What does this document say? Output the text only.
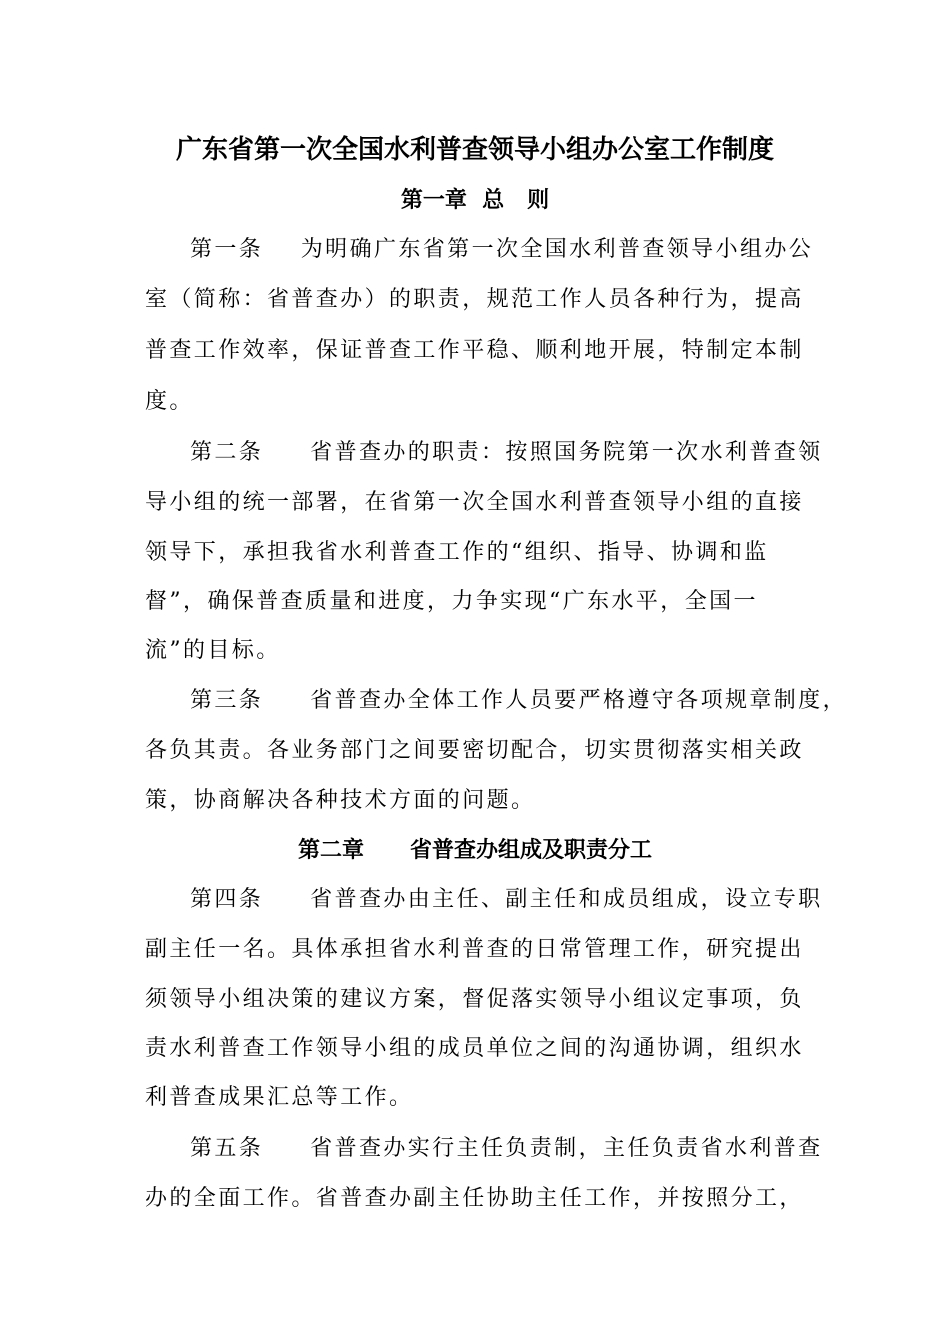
广东省第一次全国水利普查领导小组办公室工作制度
第一章  总   则
第一条    为明确广东省第一次全国水利普查领导小组办公
室（简称：省普查办）的职责，规范工作人员各种行为，提高
普查工作效率，保证普查工作平稳、顺利地开展，特制定本制
度。
第二条     省普查办的职责：按照国务院第一次水利普查领
导小组的统一部署，在省第一次全国水利普查领导小组的直接
领导下，承担我省水利普查工作的“组织、指导、协调和监
督”，确保普查质量和进度，力争实现“广东水平，全国一
流”的目标。
第三条     省普查办全体工作人员要严格遵守各项规章制度，
各负其责。各业务部门之间要密切配合，切实贯彻落实相关政
策，协商解决各种技术方面的问题。
第二章      省普查办组成及职责分工
第四条     省普查办由主任、副主任和成员组成，设立专职
副主任一名。具体承担省水利普查的日常管理工作，研究提出
须领导小组决策的建议方案，督促落实领导小组议定事项，负
责水利普查工作领导小组的成员单位之间的沟通协调，组织水
利普查成果汇总等工作。
第五条     省普查办实行主任负责制，主任负责省水利普查
办的全面工作。省普查办副主任协助主任工作，并按照分工，
